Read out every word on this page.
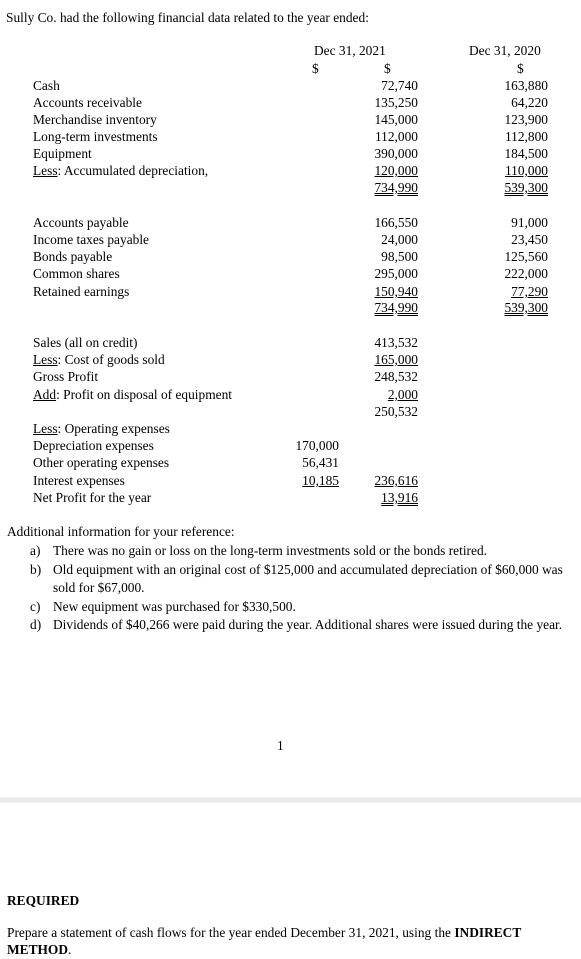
Sully Co. had the following financial data related to the year ended:
Dec 31, 2021	Dec 31, 2020
$	$	$
Cash	72,740	163,880
Accounts receivable	135,250	64,220
Merchandise inventory	145,000	123,900
Long-term investments	112,000	112,800
Equipment	390,000	184,500
Less: Accumulated depreciation,	120,000	110,000
734,990	539,300
Accounts payable	166,550	91,000
Income taxes payable	24,000	23,450
Bonds payable	98,500	125,560
Common shares	295,000	222,000
Retained earnings	150,940	77,290
734,990	539,300
Sales (all on credit)	413,532
Less: Cost of goods sold	165,000
Gross Profit	248,532
Add: Profit on disposal of equipment	2,000
250,532
Less: Operating expenses
Depreciation expenses	170,000
Other operating expenses	56,431
Interest expenses	10,185	236,616
Net Profit for the year	13,916
Additional information for your reference:
a) There was no gain or loss on the long-term investments sold or the bonds retired.
b) Old equipment with an original cost of $125,000 and accumulated depreciation of $60,000 was sold for $67,000.
c) New equipment was purchased for $330,500.
d) Dividends of $40,266 were paid during the year. Additional shares were issued during the year.
1
REQUIRED
Prepare a statement of cash flows for the year ended December 31, 2021, using the INDIRECT METHOD.
